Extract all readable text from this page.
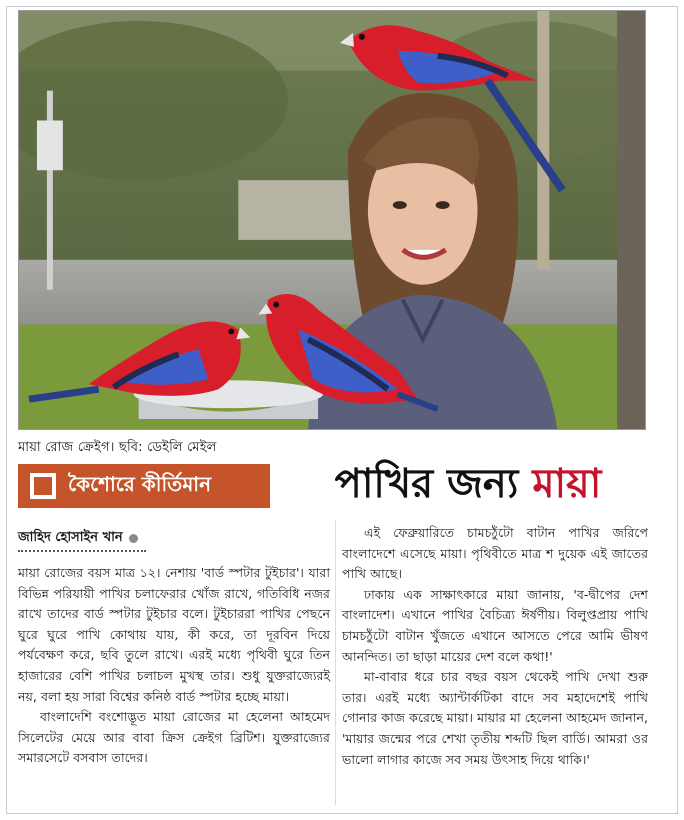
মায়া রোজ ক্রেইগ। ছবি: ডেইলি মেইল
কৈশোরে কীর্তিমান	পাখির জন্য মায়া
জাহিদ হোসাইন খান

মায়া রোজের বয়স মাত্র ১২। নেশায় 'বার্ড স্পটার টুইচার'। যারা বিভিন্ন পরিযায়ী পাখির চলাফেরার খোঁজ রাখে, গতিবিধি নজর রাখে তাদের বার্ড স্পটার টুইচার বলে। টুইচাররা পাখির পেছনে ঘুরে ঘুরে পাখি কোথায় যায়, কী করে, তা দূরবিন দিয়ে পর্যবেক্ষণ করে, ছবি তুলে রাখে। এরই মধ্যে পৃথিবী ঘুরে তিন হাজারের বেশি পাখির চলাচল মুখস্থ তার। শুধু যুক্তরাজ্যেরই নয়, বলা হয় সারা বিশ্বের কনিষ্ঠ বার্ড স্পটার হচ্ছে মায়া।

বাংলাদেশি বংশোদ্ভূত মায়া রোজের মা হেলেনা আহমেদ সিলেটের মেয়ে আর বাবা ক্রিস ক্রেইগ ব্রিটিশ। যুক্তরাজ্যের সমারসেটে বসবাস তাদের।

এই ফেব্রুয়ারিতে চামচঠুঁটো বাটান পাখির জরিপে বাংলাদেশে এসেছে মায়া। পৃথিবীতে মাত্র শ দুয়েক এই জাতের পাখি আছে।

ঢাকায় এক সাক্ষাৎকারে মায়া জানায়, 'ব-দ্বীপের দেশ বাংলাদেশ। এখানে পাখির বৈচিত্র্য ঈর্ষণীয়। বিলুপ্তপ্রায় পাখি চামচঠুঁটো বাটান খুঁজতে এখানে আসতে পেরে আমি ভীষণ আনন্দিত। তা ছাড়া মায়ের দেশ বলে কথা!'

মা-বাবার ধরে চার বছর বয়স থেকেই পাখি দেখা শুরু তার। এরই মধ্যে অ্যান্টার্কটিকা বাদে সব মহাদেশেই পাখি গোনার কাজ করেছে মায়া। মায়ার মা হেলেনা আহমেদ জানান, 'মায়ার জন্মের পরে শেখা তৃতীয় শব্দটি ছিল বার্ডি। আমরা ওর ভালো লাগার কাজে সব সময় উৎসাহ দিয়ে থাকি।'
